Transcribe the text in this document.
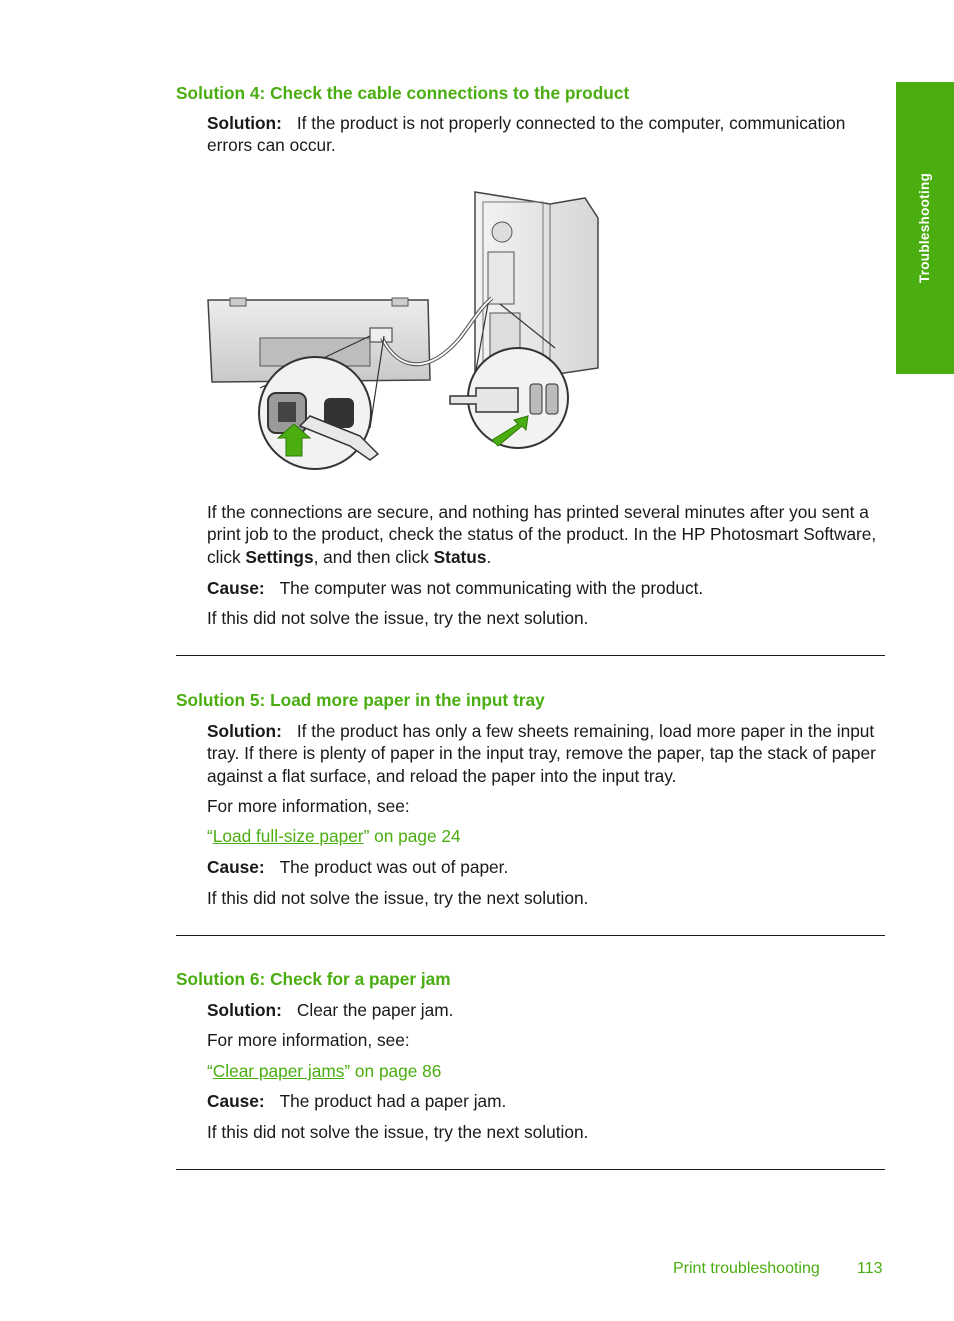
Troubleshooting
Solution 4: Check the cable connections to the product

Solution: If the product is not properly connected to the computer, communication errors can occur.

If the connections are secure, and nothing has printed several minutes after you sent a print job to the product, check the status of the product. In the HP Photosmart Software, click Settings, and then click Status.

Cause: The computer was not communicating with the product.

If this did not solve the issue, try the next solution.

Solution 5: Load more paper in the input tray

Solution: If the product has only a few sheets remaining, load more paper in the input tray. If there is plenty of paper in the input tray, remove the paper, tap the stack of paper against a flat surface, and reload the paper into the input tray.

For more information, see:

“Load full-size paper” on page 24

Cause: The product was out of paper.

If this did not solve the issue, try the next solution.

Solution 6: Check for a paper jam

Solution: Clear the paper jam.

For more information, see:

“Clear paper jams” on page 86

Cause: The product had a paper jam.

If this did not solve the issue, try the next solution.

Print troubleshooting 113
